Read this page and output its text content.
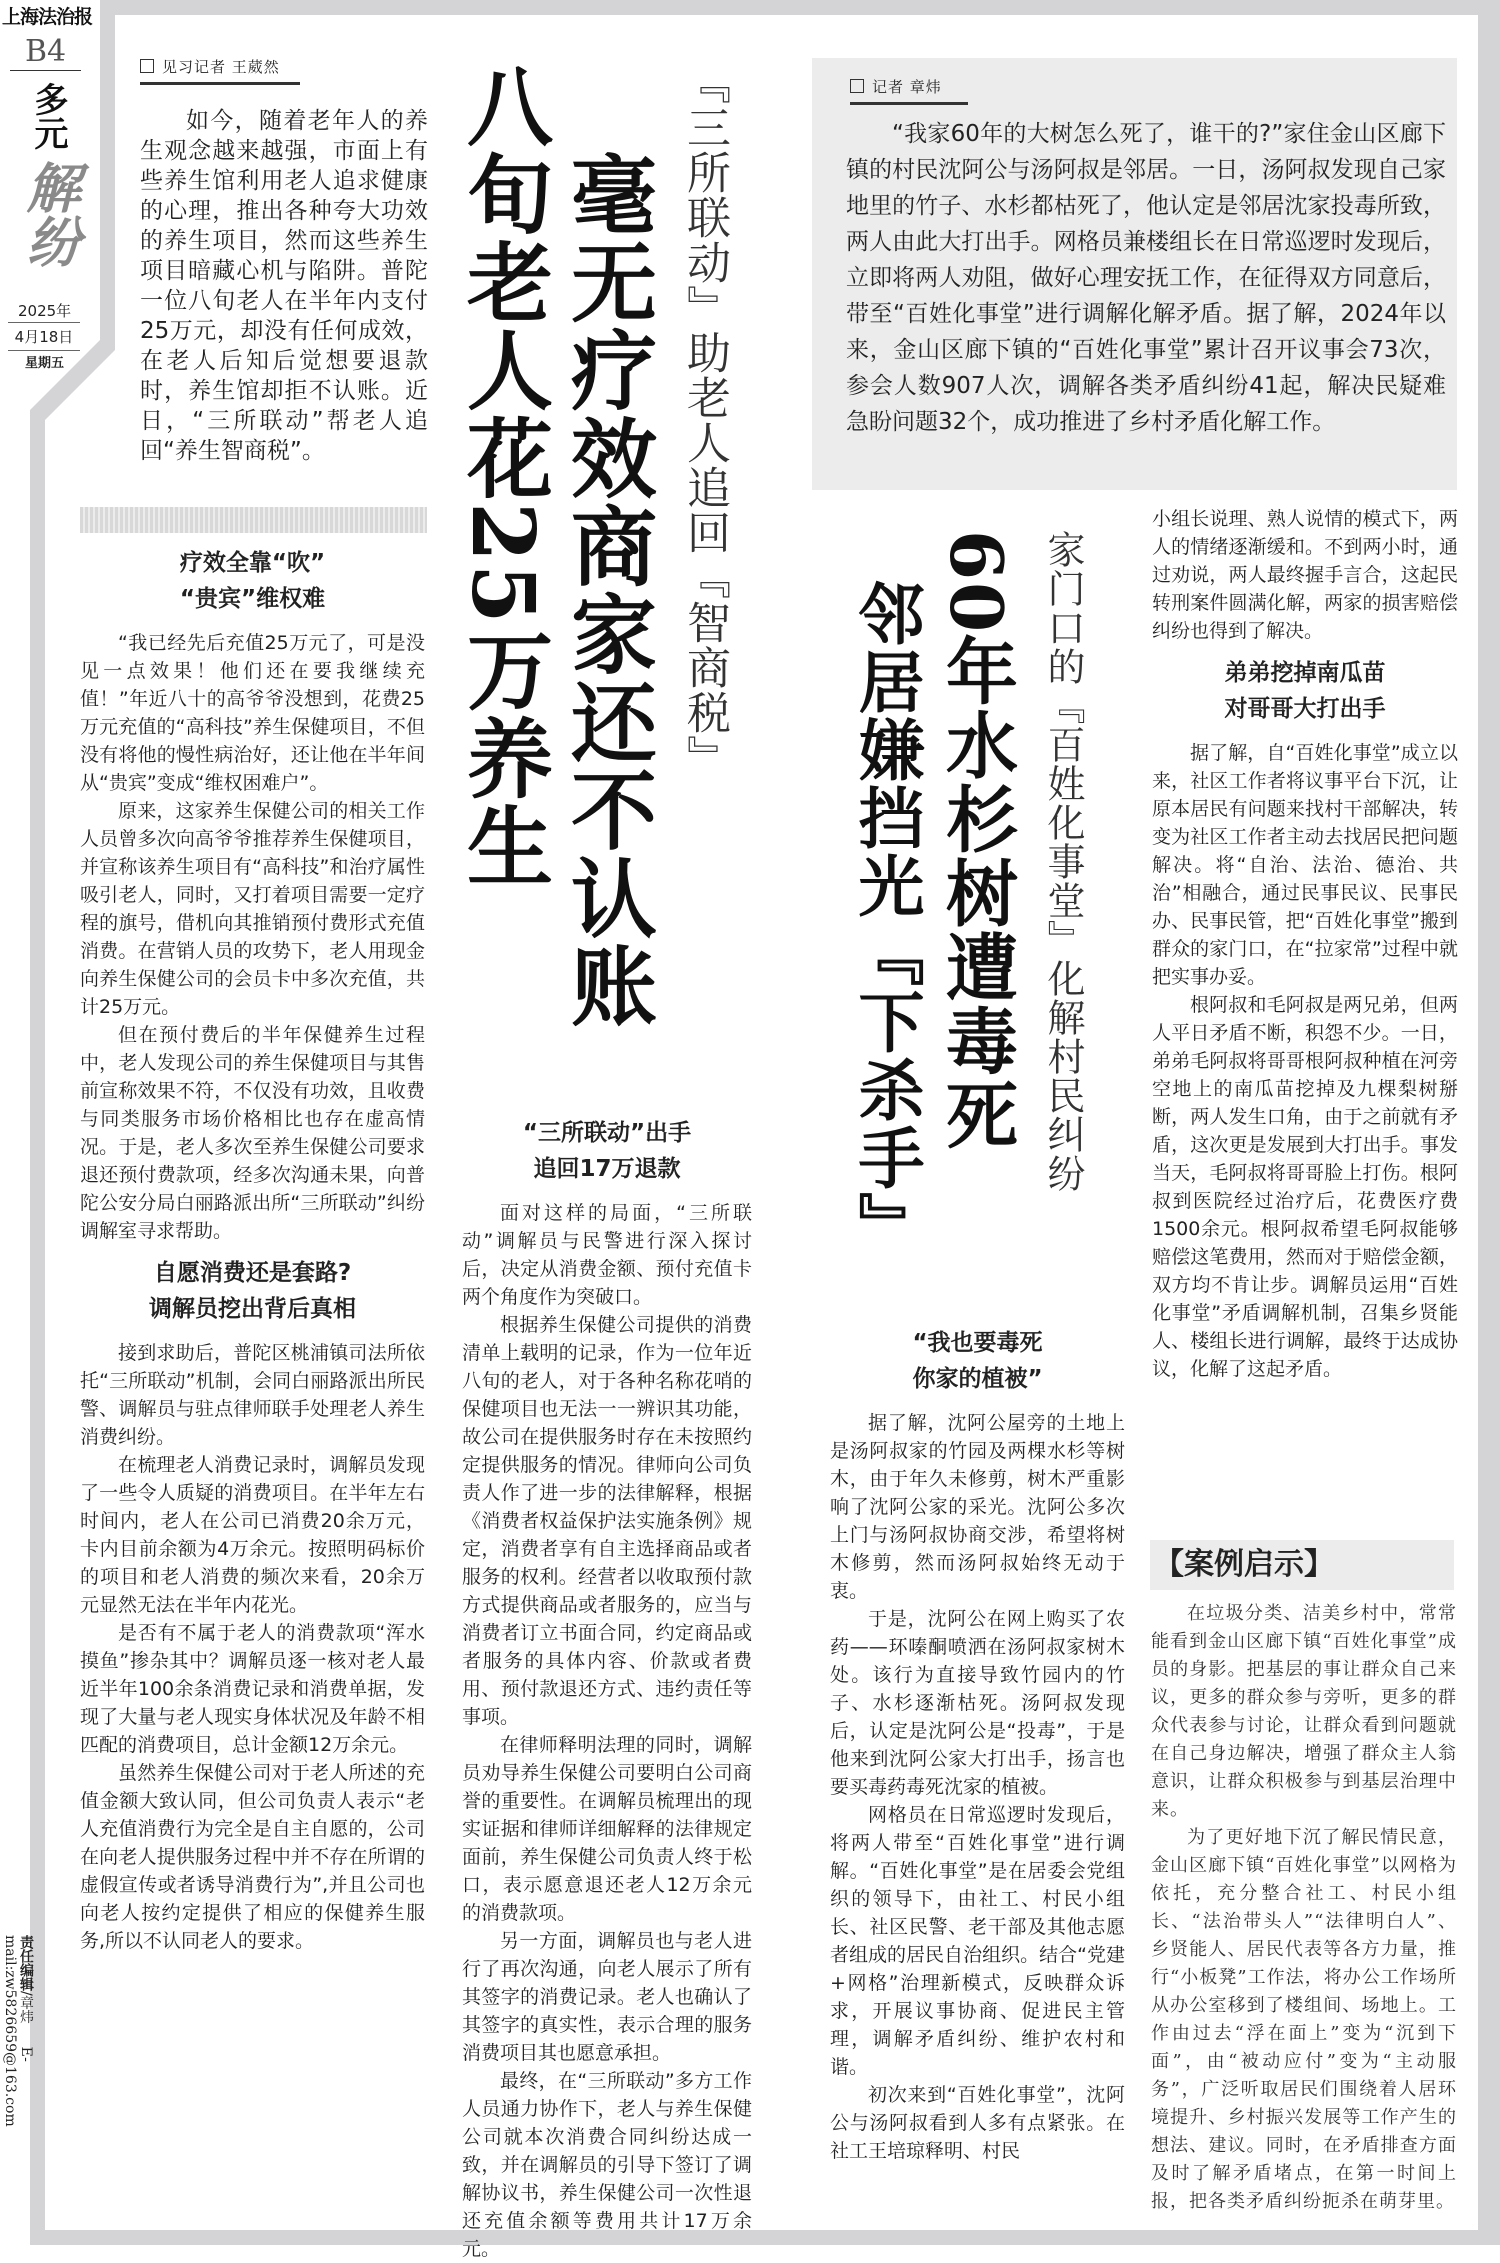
上海法治报
B4
多元
解纷
2025年
4月18日
星期五
责任编辑/章炜  E-mail:zw5826659@163.com
见习记者 王葳然

如今，随着老年人的养生观念越来越强，市面上有些养生馆利用老人追求健康的心理，推出各种夸大功效的养生项目，然而这些养生项目暗藏心机与陷阱。普陀一位八旬老人在半年内支付25万元，却没有任何成效，在老人后知后觉想要退款时，养生馆却拒不认账。近日，“三所联动”帮老人追回“养生智商税”。	『三所联动』助老人追回『智商税』
毫无疗效商家还不认账
八旬老人花25万养生
疗效全靠“吹”
“贵宾”维权难

“我已经先后充值25万元了，可是没见一点效果！他们还在要我继续充值！”年近八十的高爷爷没想到，花费25万元充值的“高科技”养生保健项目，不但没有将他的慢性病治好，还让他在半年间从“贵宾”变成“维权困难户”。

原来，这家养生保健公司的相关工作人员曾多次向高爷爷推荐养生保健项目，并宣称该养生项目有“高科技”和治疗属性吸引老人，同时，又打着项目需要一定疗程的旗号，借机向其推销预付费形式充值消费。在营销人员的攻势下，老人用现金向养生保健公司的会员卡中多次充值，共计25万元。

但在预付费后的半年保健养生过程中，老人发现公司的养生保健项目与其售前宣称效果不符，不仅没有功效，且收费与同类服务市场价格相比也存在虚高情况。于是，老人多次至养生保健公司要求退还预付费款项，经多次沟通未果，向普陀公安分局白丽路派出所“三所联动”纠纷调解室寻求帮助。

自愿消费还是套路?
调解员挖出背后真相

接到求助后，普陀区桃浦镇司法所依托“三所联动”机制，会同白丽路派出所民警、调解员与驻点律师联手处理老人养生消费纠纷。

在梳理老人消费记录时，调解员发现了一些令人质疑的消费项目。在半年左右时间内，老人在公司已消费20余万元，卡内目前余额为4万余元。按照明码标价的项目和老人消费的频次来看，20余万元显然无法在半年内花光。

是否有不属于老人的消费款项“浑水摸鱼”掺杂其中？调解员逐一核对老人最近半年100余条消费记录和消费单据，发现了大量与老人现实身体状况及年龄不相匹配的消费项目，总计金额12万余元。

虽然养生保健公司对于老人所述的充值金额大致认同，但公司负责人表示“老人充值消费行为完全是自主自愿的，公司在向老人提供服务过程中并不存在所谓的虚假宣传或者诱导消费行为”,并且公司也向老人按约定提供了相应的保健养生服务,所以不认同老人的要求。

“三所联动”出手
追回17万退款

面对这样的局面，“三所联动”调解员与民警进行深入探讨后，决定从消费金额、预付充值卡两个角度作为突破口。

根据养生保健公司提供的消费清单上载明的记录，作为一位年近八旬的老人，对于各种名称花哨的保健项目也无法一一辨识其功能，故公司在提供服务时存在未按照约定提供服务的情况。律师向公司负责人作了进一步的法律解释，根据《消费者权益保护法实施条例》规定，消费者享有自主选择商品或者服务的权利。经营者以收取预付款方式提供商品或者服务的，应当与消费者订立书面合同，约定商品或者服务的具体内容、价款或者费用、预付款退还方式、违约责任等事项。

在律师释明法理的同时，调解员劝导养生保健公司要明白公司商誉的重要性。在调解员梳理出的现实证据和律师详细解释的法律规定面前，养生保健公司负责人终于松口，表示愿意退还老人12万余元的消费款项。

另一方面，调解员也与老人进行了再次沟通，向老人展示了所有其签字的消费记录。老人也确认了其签字的真实性，表示合理的服务消费项目其也愿意承担。

最终，在“三所联动”多方工作人员通力协作下，老人与养生保健公司就本次消费合同纠纷达成一致，并在调解员的引导下签订了调解协议书，养生保健公司一次性退还充值余额等费用共计17万余元。

记者 章炜

“我家60年的大树怎么死了，谁干的?”家住金山区廊下镇的村民沈阿公与汤阿叔是邻居。一日，汤阿叔发现自己家地里的竹子、水杉都枯死了，他认定是邻居沈家投毒所致，两人由此大打出手。网格员兼楼组长在日常巡逻时发现后，立即将两人劝阻，做好心理安抚工作，在征得双方同意后，带至“百姓化事堂”进行调解化解矛盾。据了解，2024年以来，金山区廊下镇的“百姓化事堂”累计召开议事会73次，参会人数907人次，调解各类矛盾纠纷41起，解决民疑难急盼问题32个，成功推进了乡村矛盾化解工作。

家门口的『百姓化事堂』化解村民纠纷
60年水杉树遭毒死
邻居嫌挡光『下杀手』
“我也要毒死
你家的植被”

据了解，沈阿公屋旁的土地上是汤阿叔家的竹园及两棵水杉等树木，由于年久未修剪，树木严重影响了沈阿公家的采光。沈阿公多次上门与汤阿叔协商交涉，希望将树木修剪，然而汤阿叔始终无动于衷。

于是，沈阿公在网上购买了农药——环嗪酮喷洒在汤阿叔家树木处。该行为直接导致竹园内的竹子、水杉逐渐枯死。汤阿叔发现后，认定是沈阿公是“投毒”，于是他来到沈阿公家大打出手，扬言也要买毒药毒死沈家的植被。

网格员在日常巡逻时发现后，将两人带至“百姓化事堂”进行调解。“百姓化事堂”是在居委会党组织的领导下，由社工、村民小组长、社区民警、老干部及其他志愿者组成的居民自治组织。结合“党建+网格”治理新模式，反映群众诉求，开展议事协商、促进民主管理，调解矛盾纠纷、维护农村和谐。

初次来到“百姓化事堂”，沈阿公与汤阿叔看到人多有点紧张。在社工王培琼释明、村民

小组长说理、熟人说情的模式下，两人的情绪逐渐缓和。不到两小时，通过劝说，两人最终握手言合，这起民转刑案件圆满化解，两家的损害赔偿纠纷也得到了解决。

弟弟挖掉南瓜苗
对哥哥大打出手

据了解，自“百姓化事堂”成立以来，社区工作者将议事平台下沉，让原本居民有问题来找村干部解决，转变为社区工作者主动去找居民把问题解决。将“自治、法治、德治、共治”相融合，通过民事民议、民事民办、民事民管，把“百姓化事堂”搬到群众的家门口，在“拉家常”过程中就把实事办妥。

根阿叔和毛阿叔是两兄弟，但两人平日矛盾不断，积怨不少。一日，弟弟毛阿叔将哥哥根阿叔种植在河旁空地上的南瓜苗挖掉及九棵梨树掰断，两人发生口角，由于之前就有矛盾，这次更是发展到大打出手。事发当天，毛阿叔将哥哥脸上打伤。根阿叔到医院经过治疗后，花费医疗费1500余元。根阿叔希望毛阿叔能够赔偿这笔费用，然而对于赔偿金额，双方均不肯让步。调解员运用“百姓化事堂”矛盾调解机制，召集乡贤能人、楼组长进行调解，最终于达成协议，化解了这起矛盾。

【案例启示】

在垃圾分类、洁美乡村中，常常能看到金山区廊下镇“百姓化事堂”成员的身影。把基层的事让群众自己来议，更多的群众参与旁听，更多的群众代表参与讨论，让群众看到问题就在自己身边解决，增强了群众主人翁意识，让群众积极参与到基层治理中来。

为了更好地下沉了解民情民意，金山区廊下镇“百姓化事堂”以网格为依托，充分整合社工、村民小组长、“法治带头人”“法律明白人”、乡贤能人、居民代表等各方力量，推行“小板凳”工作法，将办公工作场所从办公室移到了楼组间、场地上。工作由过去“浮在面上”变为“沉到下面”，由“被动应付”变为“主动服务”，广泛听取居民们围绕着人居环境提升、乡村振兴发展等工作产生的想法、建议。同时，在矛盾排查方面及时了解矛盾堵点，在第一时间上报，把各类矛盾纠纷扼杀在萌芽里。
